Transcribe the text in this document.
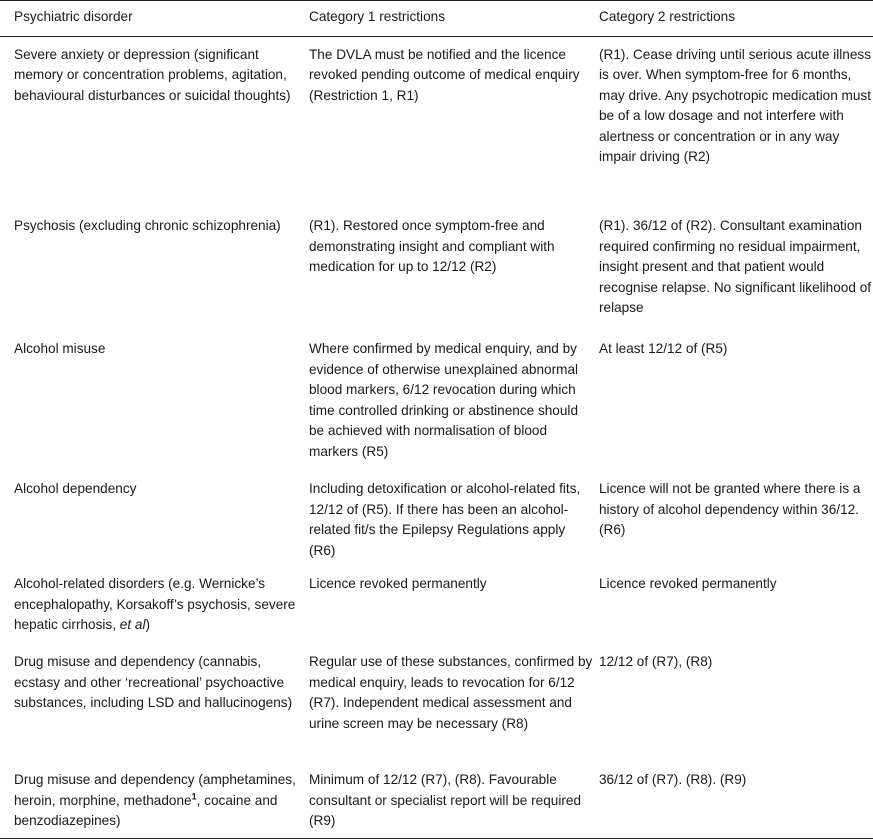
Psychiatric disorder	Category 1 restrictions	Category 2 restrictions

Severe anxiety or depression (significant memory or concentration problems, agitation, behavioural disturbances or suicidal thoughts)	The DVLA must be notified and the licence revoked pending outcome of medical enquiry (Restriction 1, R1)	(R1). Cease driving until serious acute illness is over. When symptom-free for 6 months, may drive. Any psychotropic medication must be of a low dosage and not interfere with alertness or concentration or in any way impair driving (R2)

Psychosis (excluding chronic schizophrenia)	(R1). Restored once symptom-free and demonstrating insight and compliant with medication for up to 12/12 (R2)	(R1). 36/12 of (R2). Consultant examination required confirming no residual impairment, insight present and that patient would recognise relapse. No significant likelihood of relapse

Alcohol misuse	Where confirmed by medical enquiry, and by evidence of otherwise unexplained abnormal blood markers, 6/12 revocation during which time controlled drinking or abstinence should be achieved with normalisation of blood markers (R5)	At least 12/12 of (R5)

Alcohol dependency	Including detoxification or alcohol-related fits, 12/12 of (R5). If there has been an alcohol-related fit/s the Epilepsy Regulations apply (R6)	Licence will not be granted where there is a history of alcohol dependency within 36/12. (R6)

Alcohol-related disorders (e.g. Wernicke’s encephalopathy, Korsakoff’s psychosis, severe hepatic cirrhosis, et al)	Licence revoked permanently	Licence revoked permanently

Drug misuse and dependency (cannabis, ecstasy and other ‘recreational’ psychoactive substances, including LSD and hallucinogens)	Regular use of these substances, confirmed by medical enquiry, leads to revocation for 6/12 (R7). Independent medical assessment and urine screen may be necessary (R8)	12/12 of (R7), (R8)

Drug misuse and dependency (amphetamines, heroin, morphine, methadone$^1$, cocaine and benzodiazepines)	Minimum of 12/12 (R7), (R8). Favourable consultant or specialist report will be required (R9)	36/12 of (R7). (R8). (R9)
